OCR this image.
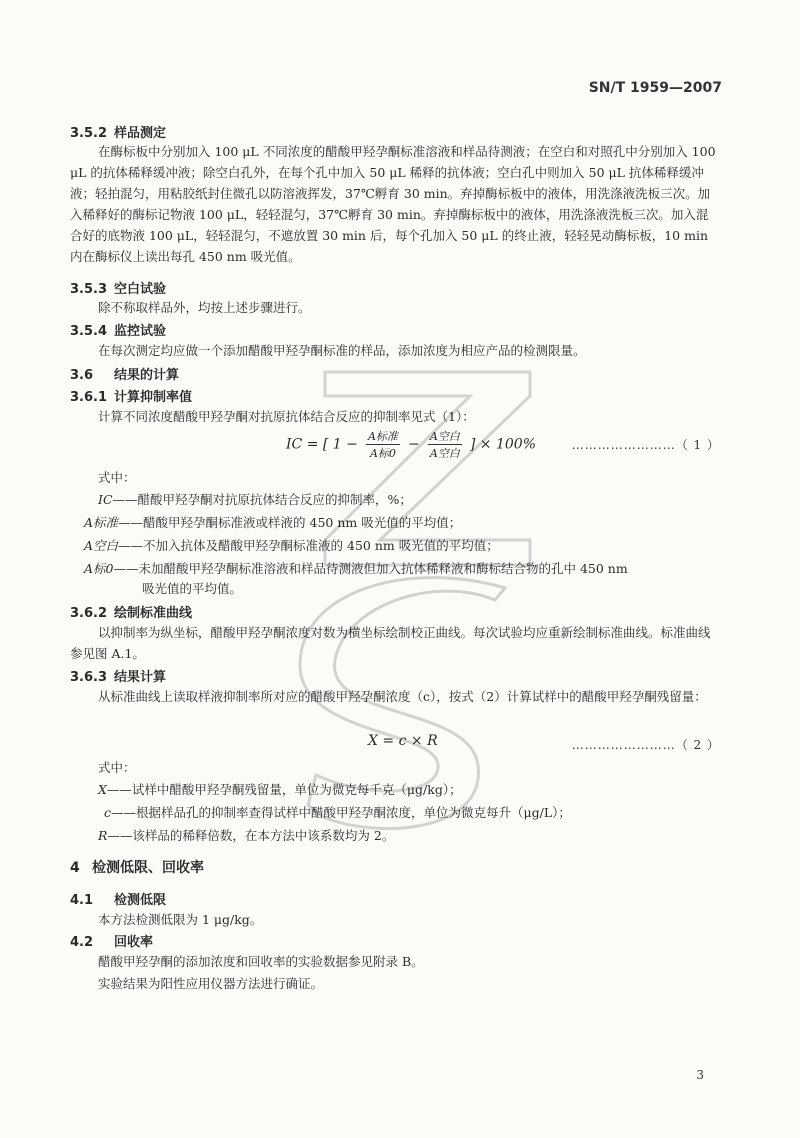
SN/T 1959—2007
3.5.2 样品测定
在酶标板中分别加入 100 μL 不同浓度的醋酸甲羟孕酮标准溶液和样品待测液；在空白和对照孔中分别加入 100 μL 的抗体稀释缓冲液；除空白孔外，在每个孔中加入 50 μL 稀释的抗体液；空白孔中则加入 50 μL 抗体稀释缓冲液；轻拍混匀，用粘胶纸封住微孔以防溶液挥发，37℃孵育 30 min。弃掉酶标板中的液体，用洗涤液洗板三次。加入稀释好的酶标记物液 100 μL，轻轻混匀，37℃孵育 30 min。弃掉酶标板中的液体，用洗涤液洗板三次。加入混合好的底物液 100 μL，轻轻混匀，不遮放置 30 min 后，每个孔加入 50 μL 的终止液，轻轻晃动酶标板，10 min 内在酶标仪上读出每孔 450 nm 吸光值。
3.5.3 空白试验
除不称取样品外，均按上述步骤进行。
3.5.4 监控试验
在每次测定均应做一个添加醋酸甲羟孕酮标准的样品，添加浓度为相应产品的检测限量。
3.6 结果的计算
3.6.1 计算抑制率值
计算不同浓度醋酸甲羟孕酮对抗原抗体结合反应的抑制率见式（1）：
IC = [ 1 − A标准
A标0
− A空白
A空白
] × 100%	……………………（ 1 ）
式中：
IC——醋酸甲羟孕酮对抗原抗体结合反应的抑制率，%；
A标准——醋酸甲羟孕酮标准液或样液的 450 nm 吸光值的平均值；
A空白——不加入抗体及醋酸甲羟孕酮标准液的 450 nm 吸光值的平均值；
A标0——未加醋酸甲羟孕酮标准溶液和样品待测液但加入抗体稀释液和酶标结合物的孔中 450 nm
吸光值的平均值。
3.6.2 绘制标准曲线
以抑制率为纵坐标，醋酸甲羟孕酮浓度对数为横坐标绘制校正曲线。每次试验均应重新绘制标准曲线。标准曲线参见图 A.1。
3.6.3 结果计算
从标准曲线上读取样液抑制率所对应的醋酸甲羟孕酮浓度（c），按式（2）计算试样中的醋酸甲羟孕酮残留量：
X = c × R	……………………（ 2 ）
式中：
X——试样中醋酸甲羟孕酮残留量，单位为微克每千克（μg/kg）；
c——根据样品孔的抑制率查得试样中醋酸甲羟孕酮浓度，单位为微克每升（μg/L）；
R——该样品的稀释倍数，在本方法中该系数均为 2。
4 检测低限、回收率
4.1 检测低限
本方法检测低限为 1 μg/kg。
4.2 回收率
醋酸甲羟孕酮的添加浓度和回收率的实验数据参见附录 B。
实验结果为阳性应用仪器方法进行确证。
3
